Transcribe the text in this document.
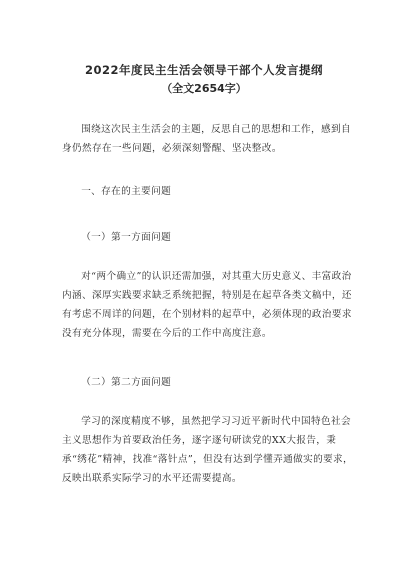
2022年度民主生活会领导干部个人发言提纲
（全文2654字）
围绕这次民主生活会的主题，反思自己的思想和工作，感到自身仍然存在一些问题，必须深刻警醒、坚决整改。
一、存在的主要问题
（一）第一方面问题
对“两个确立”的认识还需加强，对其重大历史意义、丰富政治内涵、深厚实践要求缺乏系统把握，特别是在起草各类文稿中，还有考虑不周详的问题，在个别材料的起草中，必须体现的政治要求没有充分体现，需要在今后的工作中高度注意。
（二）第二方面问题
学习的深度精度不够，虽然把学习习近平新时代中国特色社会主义思想作为首要政治任务，逐字逐句研读党的XX大报告，秉承“绣花”精神，找准“落针点”，但没有达到学懂弄通做实的要求，反映出联系实际学习的水平还需要提高。
